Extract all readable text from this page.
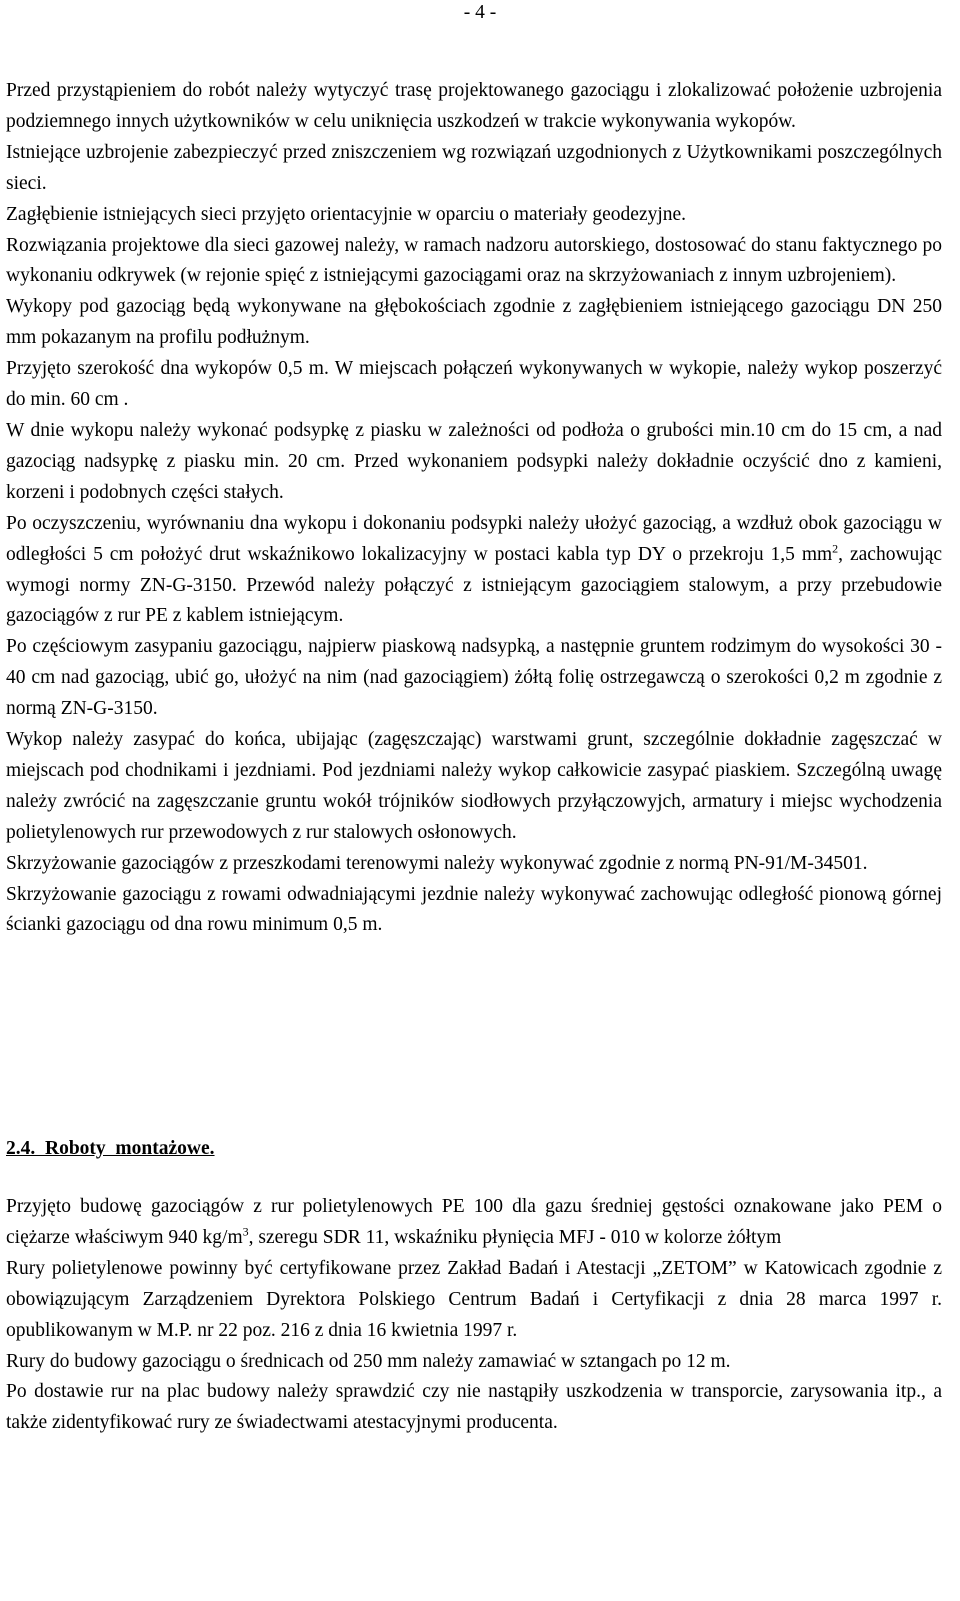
- 4 -
Przed przystąpieniem do robót należy wytyczyć trasę projektowanego gazociągu i zlokalizować położenie uzbrojenia podziemnego innych użytkowników w celu uniknięcia uszkodzeń w trakcie wykonywania wykopów.
Istniejące uzbrojenie zabezpieczyć przed zniszczeniem wg rozwiązań uzgodnionych z Użytkownikami poszczególnych sieci.
Zagłębienie istniejących sieci przyjęto orientacyjnie w oparciu o materiały geodezyjne.
Rozwiązania projektowe dla sieci gazowej należy, w ramach nadzoru autorskiego, dostosować do stanu faktycznego po wykonaniu odkrywek (w rejonie spięć z istniejącymi gazociągami oraz na skrzyżowaniach z innym uzbrojeniem).
Wykopy pod gazociąg będą wykonywane na głębokościach zgodnie z zagłębieniem istniejącego gazociągu DN 250 mm pokazanym na profilu podłużnym.
Przyjęto szerokość dna wykopów 0,5 m. W miejscach połączeń wykonywanych w wykopie, należy wykop poszerzyć do min. 60 cm .
W dnie wykopu należy wykonać podsypkę z piasku w zależności od podłoża o grubości min.10 cm do 15 cm, a nad gazociąg nadsypkę z piasku min. 20 cm. Przed wykonaniem podsypki należy dokładnie oczyścić dno z kamieni, korzeni i podobnych części stałych.
Po oczyszczeniu, wyrównaniu dna wykopu i dokonaniu podsypki należy ułożyć gazociąg, a wzdłuż obok gazociągu w odległości 5 cm położyć drut wskaźnikowo lokalizacyjny w postaci kabla typ DY o przekroju 1,5 $mm^2$, zachowując wymogi normy ZN-G-3150. Przewód należy połączyć z istniejącym gazociągiem stalowym, a przy przebudowie gazociągów z rur PE z kablem istniejącym.
Po częściowym zasypaniu gazociągu, najpierw piaskową nadsypką, a następnie gruntem rodzimym do wysokości 30 - 40 cm nad gazociąg, ubić go, ułożyć na nim (nad gazociągiem) żółtą folię ostrzegawczą o szerokości 0,2 m zgodnie z normą ZN-G-3150.
Wykop należy zasypać do końca, ubijając (zagęszczając) warstwami grunt, szczególnie dokładnie zagęszczać w miejscach pod chodnikami i jezdniami. Pod jezdniami należy wykop całkowicie zasypać piaskiem. Szczególną uwagę należy zwrócić na zagęszczanie gruntu wokół trójników siodłowych przyłączowyjch, armatury i miejsc wychodzenia polietylenowych rur przewodowych z rur stalowych osłonowych.
Skrzyżowanie gazociągów z przeszkodami terenowymi należy wykonywać zgodnie z normą PN-91/M-34501.
Skrzyżowanie gazociągu z rowami odwadniającymi jezdnie należy wykonywać zachowując odległość pionową górnej ścianki gazociągu od dna rowu minimum 0,5 m.
2.4.  Roboty  montażowe.
Przyjęto budowę gazociągów z rur polietylenowych PE 100 dla gazu średniej gęstości oznakowane jako PEM o ciężarze właściwym 940 $kg/m^3$, szeregu SDR 11, wskaźniku płynięcia MFJ - 010 w kolorze żółtym
Rury polietylenowe powinny być certyfikowane przez Zakład Badań i Atestacji „ZETOM” w Katowicach zgodnie z obowiązującym Zarządzeniem Dyrektora Polskiego Centrum Badań i Certyfikacji z dnia 28 marca 1997 r. opublikowanym w M.P. nr 22 poz. 216 z dnia 16 kwietnia 1997 r.
Rury do budowy gazociągu o średnicach od 250 mm należy zamawiać w sztangach po 12 m.
Po dostawie rur na plac budowy należy sprawdzić czy nie nastąpiły uszkodzenia w transporcie, zarysowania itp., a także zidentyfikować rury ze świadectwami atestacyjnymi producenta.
